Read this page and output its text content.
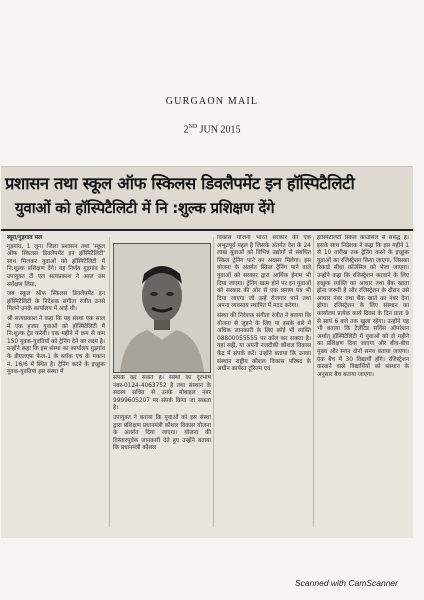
GURGAON MAIL
2ND JUN 2015
प्रशासन तथा स्कूल ऑफ स्किलस डिवलैपमेंट इन हॉस्पिटैलिटी
युवाओं को हॉस्पिटैलिटी में नि :शुल्क प्रशिक्षण देंगे
ब्यूरो/गुड़गांव मेल

गुड़गांव, 1 जून। जिला प्रशासन तथा 'स्कूल ऑफ स्किलस डिवलैपमेंट इन हॉस्पिटैलिटी' साथ मिलकर युवाओं को हॉस्पिटैलिटी में नि:शुल्क प्रशिक्षण देंगे। यह निर्णय गुड़गांव के उपायुक्त टी एल सत्यप्रकाश ने आज उस सर्वेक्षण लिया,

जब स्कूल ऑफ स्किलस डिवलैपमेंट इन हॉस्पिटैलिटी के निदेशक संगीता रंजीत उनसे मिलने उनके कार्यालय में आई थी।

श्री सत्यप्रकाश ने कहा कि यह संस्था एक साल में एक हजार युवाओं को हॉस्पिटैलिटी में नि:शुल्क ट्रेड करेगी। एक महीने में कम से कम 150 युवक-युवतियों को ट्रेनिंग देने का लक्ष्य है। उन्होंने कहा कि इस संस्था का कार्यालय गुड़गांव के डीएलएफ फेज-1 के ब्लॉक एच के मकान नं. 16/6 में स्थित है। ट्रेनिंग करने के इच्छुक युवक-युवतियां इस संस्था में

संपर्क कर सकते हैं। संस्था का दूरभाष नंबर-0124-4063752 है तथा संस्थान के सदस्य सचिव से उनके मोबाइल नंबर 9999605207 पर संपर्क किया जा सकता है।

उपायुक्त ने बताया कि युवाओं को इस संस्था द्वारा प्रशिक्षण प्रधानमंत्री कौशल विकास योजना के अंतर्गत दिया जाएगा। योजना की विस्तारपूर्वक जानकारी देते हुए उन्होंने बताया कि प्रधानमंत्री कौशल

विकास योजना भारत सरकार की एक अभूतपूर्व पहल है जिसके अंतर्गत देश के 24 लाख युवाओं को विभिन्न उद्योगों से संबंधित स्किल ट्रेनिंग पाने का अवसर मिलेगा। इस योजना के अंतर्गत स्किल ट्रेनिंग पाने वाले युवाओं को सरकार द्वारा आर्थिक ईनाम भी दिया जाएगा। ट्रेनिंग खत्म होने पर इन युवाओं को सरकार की ओर से एक प्रमाण पत्र भी दिया जाएगा जो उन्हें रोजगार पाने तथा अपना व्यवसाय स्थापित में मदद करेगा।

संस्था की निदेशक संगीता रंजीत ने बताया कि योजना से जुड़ने के लिए या इसके बारे में अधिक जानकारी के लिए कोई भी व्यक्ति 08800055555 पर कॉल कर सकता है। यहां सही, या अपनी नजदीकी कौशल विकास केंद्र में संपर्क करें। उन्होंने बताया कि उनका संस्थान राष्ट्रीय कौशल विकास परिषद के अधीन कार्यरत टूरिज्म एवं

हॉस्पिटैलिटी स्किल कॉउंसिल से संबद्ध है। इसके साथ निदेशक ने कहा कि इस महीने 1 से 10 तारीख तक ट्रेनिंग करने के इच्छुक युवाओं का रजिस्ट्रेशन किया जाएगा, जिसका रिकार्ड सीधा कॉउंसिल को भेजा जाएगा। उन्होंने कहा कि रजिस्ट्रेशन करवाने के लिए इच्छुक व्यक्ति का आधार तथा बैंक खाता होना जरूरी है और रजिस्ट्रेशन के दौरान उसे आधार नंबर तथा बैंक खाते का नंबर देना होगा। रजिस्ट्रेशन के लिए संस्थान का कार्यालय प्रत्येक कार्य दिवस के दिन प्रातः 9 से सायं 6 बजे तक खुला रहेगा। उन्होंने यह भी बताया कि टैलेंटिड सर्विस ऑपरेशन अर्थात् हॉस्पिटैलिटी में युवाओं को दो महीने का प्रशिक्षण दिया जाएगा और बीच-बीच मुख्य और स्नान दोनों समय बताया जाएगा। एक बैच में 30 विद्यार्थी होंगे। रजिस्ट्रेशन करवाने वाले विद्यार्थियों को संस्थान के अनुसार बैच बताया जाएगा।

Scanned with CamScanner
